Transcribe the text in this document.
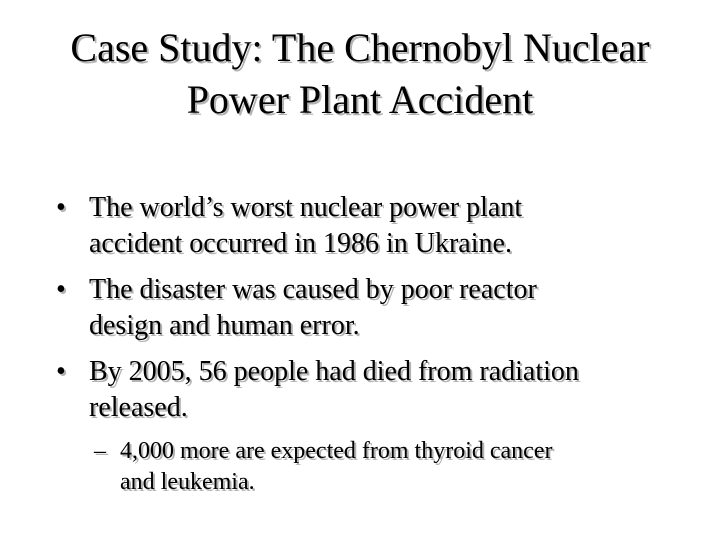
Case Study: The Chernobyl Nuclear
Power Plant Accident
• The world’s worst nuclear power plant
accident occurred in 1986 in Ukraine.
• The disaster was caused by poor reactor
design and human error.
• By 2005, 56 people had died from radiation
released.
– 4,000 more are expected from thyroid cancer
and leukemia.
